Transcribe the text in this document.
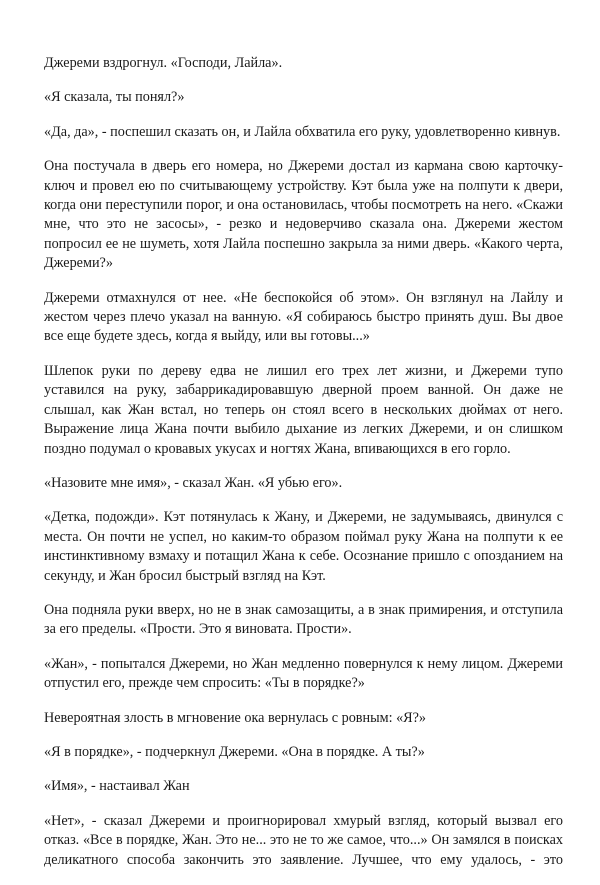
Джереми вздрогнул. «Господи, Лайла».

«Я сказала, ты понял?»

«Да, да», - поспешил сказать он, и Лайла обхватила его руку, удовлетворенно кивнув.

Она постучала в дверь его номера, но Джереми достал из кармана свою карточку-ключ и провел ею по считывающему устройству. Кэт была уже на полпути к двери, когда они переступили порог, и она остановилась, чтобы посмотреть на него. «Скажи мне, что это не засосы», - резко и недоверчиво сказала она. Джереми жестом попросил ее не шуметь, хотя Лайла поспешно закрыла за ними дверь. «Какого черта, Джереми?»

Джереми отмахнулся от нее. «Не беспокойся об этом». Он взглянул на Лайлу и жестом через плечо указал на ванную. «Я собираюсь быстро принять душ. Вы двое все еще будете здесь, когда я выйду, или вы готовы...»

Шлепок руки по дереву едва не лишил его трех лет жизни, и Джереми тупо уставился на руку, забаррикадировавшую дверной проем ванной. Он даже не слышал, как Жан встал, но теперь он стоял всего в нескольких дюймах от него. Выражение лица Жана почти выбило дыхание из легких Джереми, и он слишком поздно подумал о кровавых укусах и ногтях Жана, впивающихся в его горло.

«Назовите мне имя», - сказал Жан. «Я убью его».

«Детка, подожди». Кэт потянулась к Жану, и Джереми, не задумываясь, двинулся с места. Он почти не успел, но каким-то образом поймал руку Жана на полпути к ее инстинктивному взмаху и потащил Жана к себе. Осознание пришло с опозданием на секунду, и Жан бросил быстрый взгляд на Кэт.

Она подняла руки вверх, но не в знак самозащиты, а в знак примирения, и отступила за его пределы. «Прости. Это я виновата. Прости».

«Жан», - попытался Джереми, но Жан медленно повернулся к нему лицом. Джереми отпустил его, прежде чем спросить: «Ты в порядке?»

Невероятная злость в мгновение ока вернулась с ровным: «Я?»

«Я в порядке», - подчеркнул Джереми. «Она в порядке. А ты?»

«Имя», - настаивал Жан

«Нет», - сказал Джереми и проигнорировал хмурый взгляд, который вызвал его отказ. «Все в порядке, Жан. Это не... это не то же самое, что...» Он замялся в поисках деликатного способа закончить это заявление. Лучшее, что ему удалось, - это
